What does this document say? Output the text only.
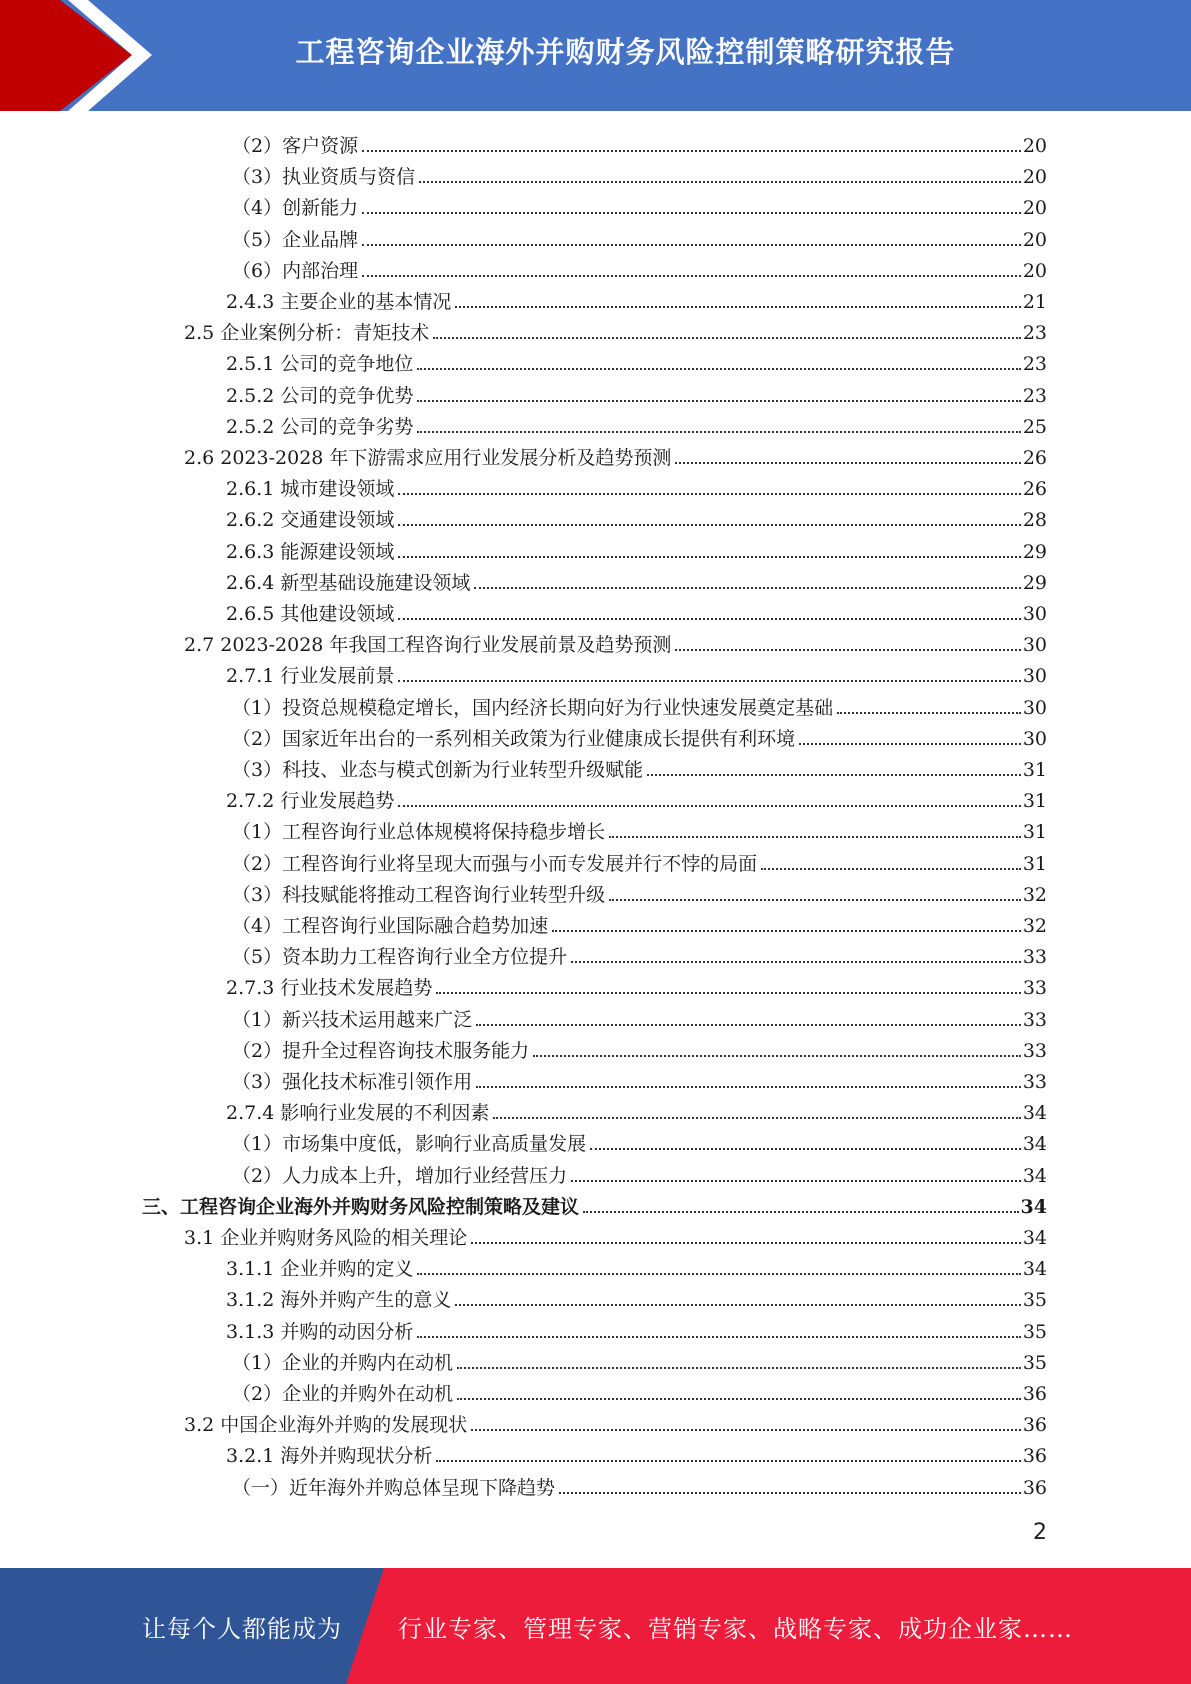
工程咨询企业海外并购财务风险控制策略研究报告
（2）客户资源	20
（3）执业资质与资信	20
（4）创新能力	20
（5）企业品牌	20
（6）内部治理	20
2.4.3 主要企业的基本情况	21
2.5 企业案例分析：青矩技术	23
2.5.1 公司的竞争地位	23
2.5.2 公司的竞争优势	23
2.5.2 公司的竞争劣势	25
2.6 2023-2028 年下游需求应用行业发展分析及趋势预测	26
2.6.1 城市建设领域	26
2.6.2 交通建设领域	28
2.6.3 能源建设领域	29
2.6.4 新型基础设施建设领域	29
2.6.5 其他建设领域	30
2.7 2023-2028 年我国工程咨询行业发展前景及趋势预测	30
2.7.1 行业发展前景	30
（1）投资总规模稳定增长，国内经济长期向好为行业快速发展奠定基础	30
（2）国家近年出台的一系列相关政策为行业健康成长提供有利环境	30
（3）科技、业态与模式创新为行业转型升级赋能	31
2.7.2 行业发展趋势	31
（1）工程咨询行业总体规模将保持稳步增长	31
（2）工程咨询行业将呈现大而强与小而专发展并行不悖的局面	31
（3）科技赋能将推动工程咨询行业转型升级	32
（4）工程咨询行业国际融合趋势加速	32
（5）资本助力工程咨询行业全方位提升	33
2.7.3 行业技术发展趋势	33
（1）新兴技术运用越来广泛	33
（2）提升全过程咨询技术服务能力	33
（3）强化技术标准引领作用	33
2.7.4 影响行业发展的不利因素	34
（1）市场集中度低，影响行业高质量发展	34
（2）人力成本上升，增加行业经营压力	34
三、工程咨询企业海外并购财务风险控制策略及建议	34
3.1 企业并购财务风险的相关理论	34
3.1.1 企业并购的定义	34
3.1.2 海外并购产生的意义	35
3.1.3 并购的动因分析	35
（1）企业的并购内在动机	35
（2）企业的并购外在动机	36
3.2 中国企业海外并购的发展现状	36
3.2.1 海外并购现状分析	36
（一）近年海外并购总体呈现下降趋势	36
2
让每个人都能成为 行业专家、管理专家、营销专家、战略专家、成功企业家……
